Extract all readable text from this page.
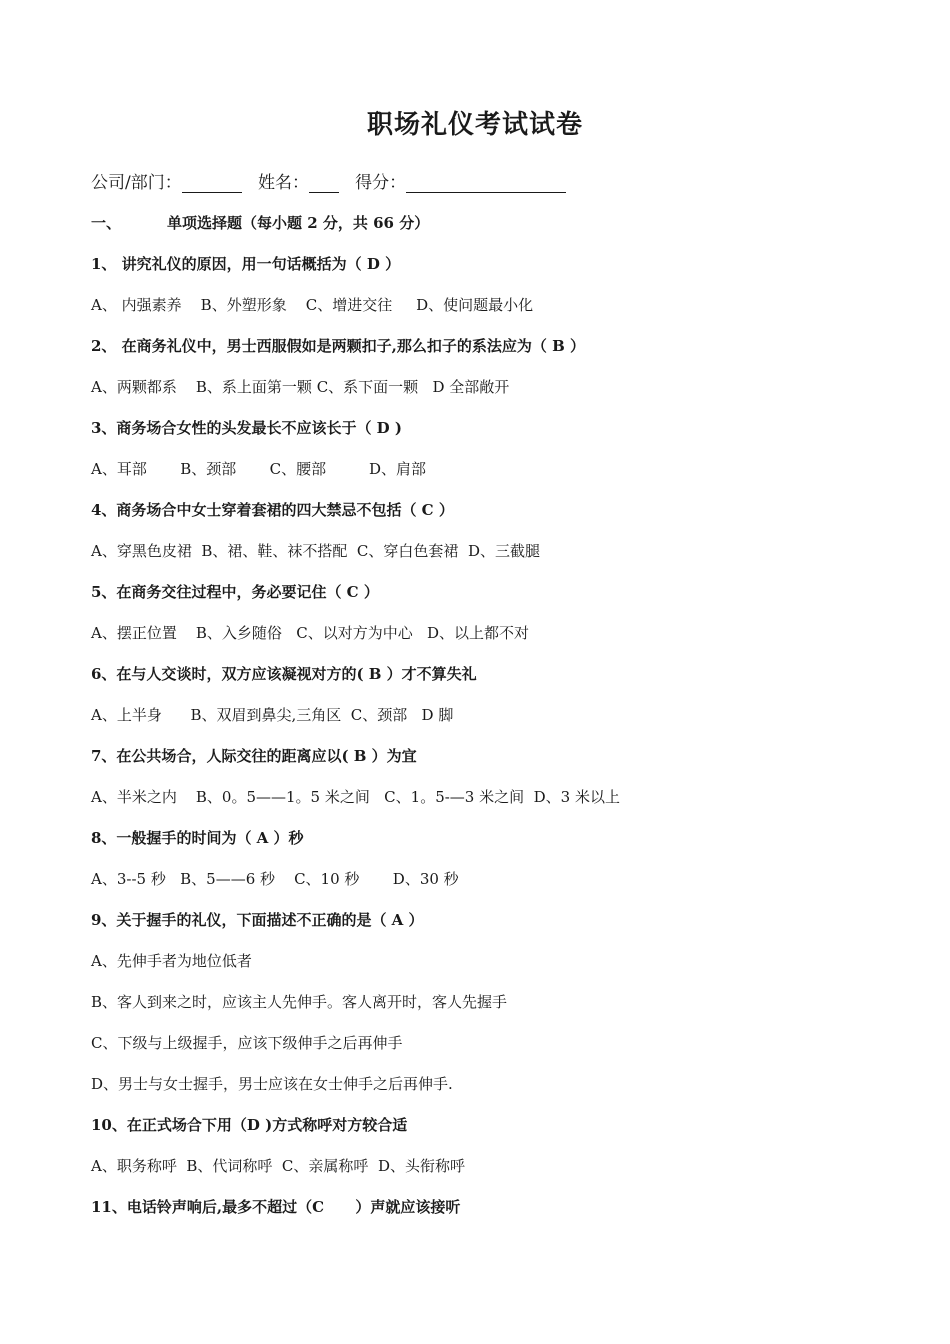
职场礼仪考试试卷
公司/部门：	姓名：	得分：
一、	单项选择题（每小题 2 分，共 66 分）
1、 讲究礼仪的原因，用一句话概括为（ D ）
A、 内强素养    B、外塑形象    C、增进交往     D、使问题最小化
2、 在商务礼仪中，男士西服假如是两颗扣子,那么扣子的系法应为（ B ）
A、两颗都系    B、系上面第一颗 C、系下面一颗   D 全部敞开
3、商务场合女性的头发最长不应该长于（ D )
A、耳部       B、颈部       C、腰部         D、肩部
4、商务场合中女士穿着套裙的四大禁忌不包括（ C ）
A、穿黑色皮裙  B、裙、鞋、袜不搭配  C、穿白色套裙  D、三截腿
5、在商务交往过程中，务必要记住（ C ）
A、摆正位置    B、入乡随俗   C、以对方为中心   D、以上都不对
6、在与人交谈时，双方应该凝视对方的( B ）才不算失礼
A、上半身      B、双眉到鼻尖,三角区  C、颈部   D 脚
7、在公共场合，人际交往的距离应以( B ）为宜
A、半米之内    B、0。5——1。5 米之间   C、1。5-—3 米之间  D、3 米以上
8、一般握手的时间为（ A ）秒
A、3--5 秒   B、5——6 秒    C、10 秒       D、30 秒
9、关于握手的礼仪，下面描述不正确的是（ A ）
A、先伸手者为地位低者
B、客人到来之时，应该主人先伸手。客人离开时，客人先握手
C、下级与上级握手，应该下级伸手之后再伸手
D、男士与女士握手，男士应该在女士伸手之后再伸手.
10、在正式场合下用（D )方式称呼对方较合适
A、职务称呼  B、代词称呼  C、亲属称呼  D、头衔称呼
11、电话铃声响后,最多不超过（C      ）声就应该接听
